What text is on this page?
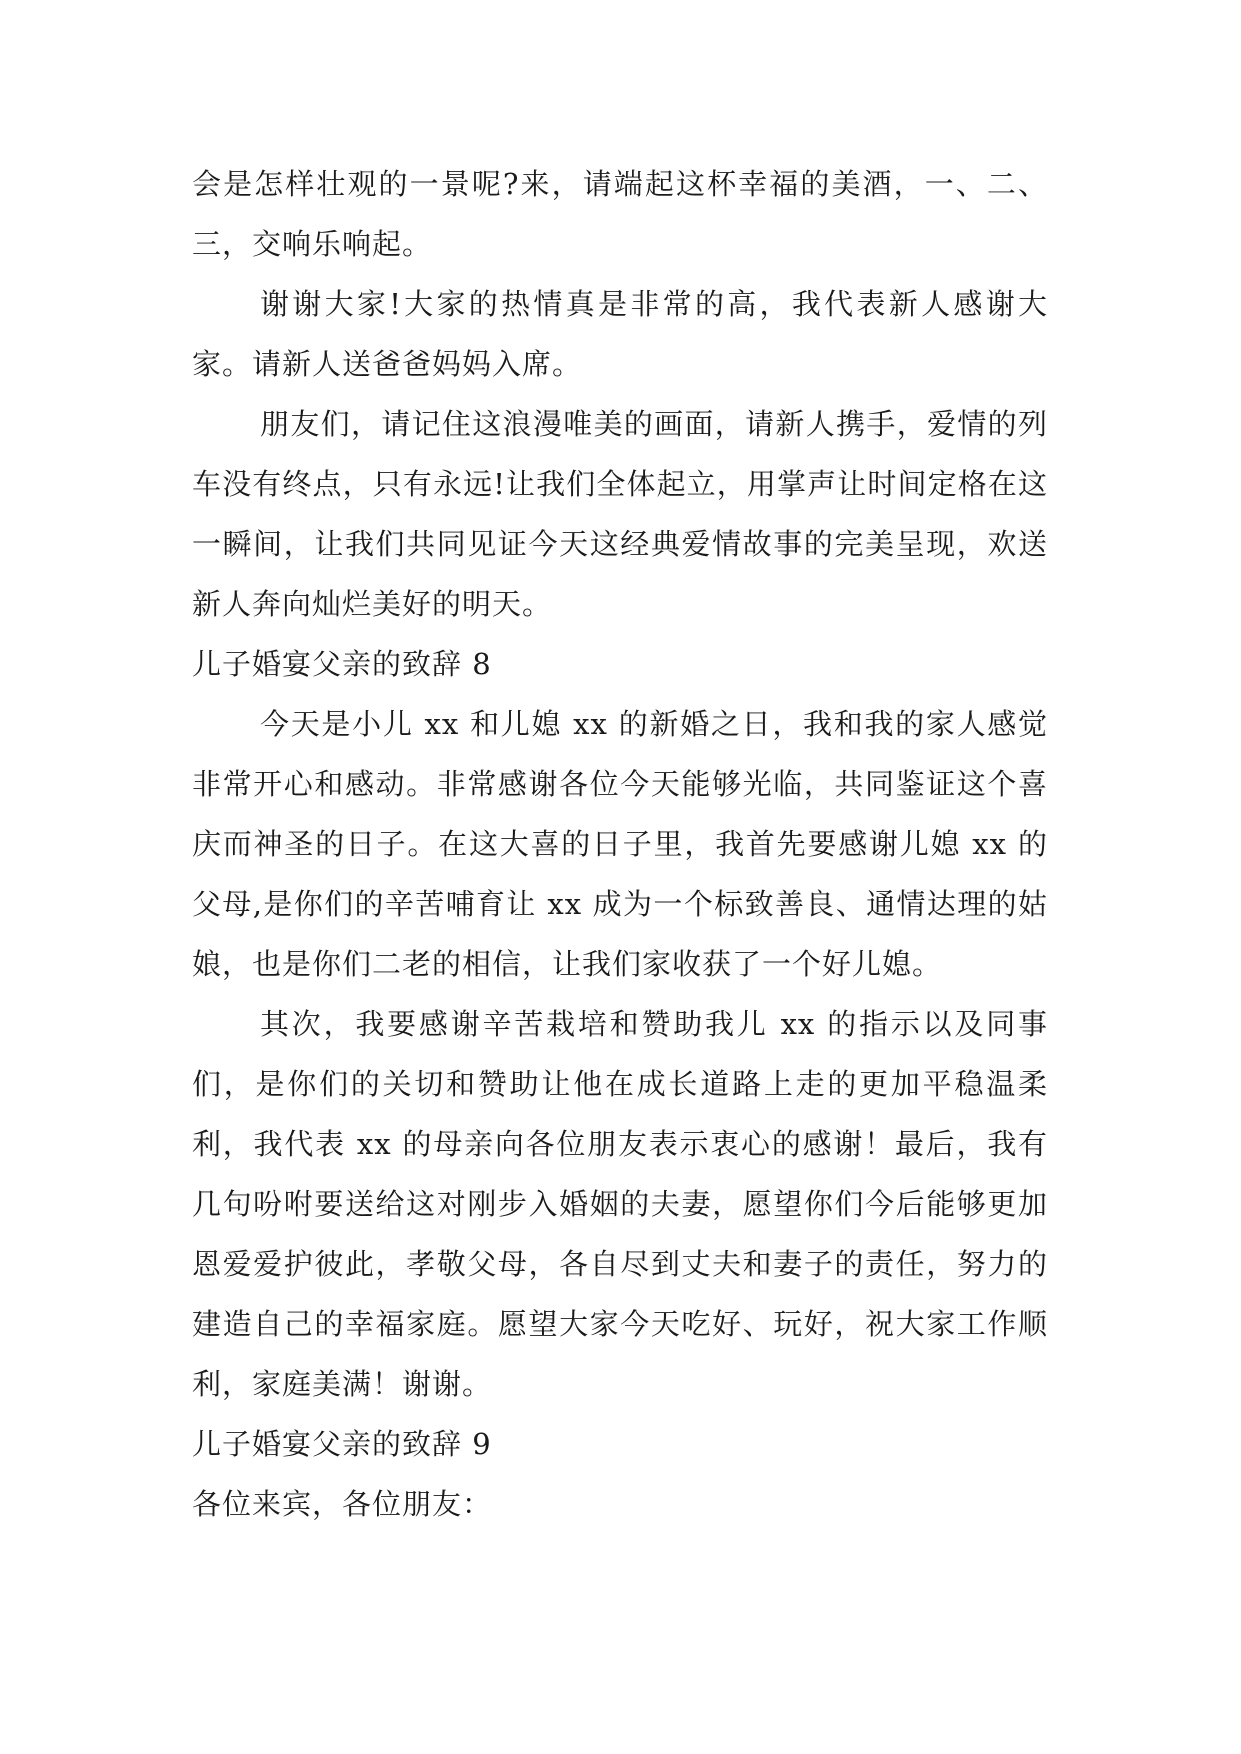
会是怎样壮观的一景呢?来，请端起这杯幸福的美酒，一、二、三，交响乐响起。

谢谢大家!大家的热情真是非常的高，我代表新人感谢大家。请新人送爸爸妈妈入席。

朋友们，请记住这浪漫唯美的画面，请新人携手，爱情的列车没有终点，只有永远!让我们全体起立，用掌声让时间定格在这一瞬间，让我们共同见证今天这经典爱情故事的完美呈现，欢送新人奔向灿烂美好的明天。

儿子婚宴父亲的致辞 8

今天是小儿 xx 和儿媳 xx 的新婚之日，我和我的家人感觉非常开心和感动。非常感谢各位今天能够光临，共同鉴证这个喜庆而神圣的日子。在这大喜的日子里，我首先要感谢儿媳 xx 的父母,是你们的辛苦哺育让 xx 成为一个标致善良、通情达理的姑娘，也是你们二老的相信，让我们家收获了一个好儿媳。

其次，我要感谢辛苦栽培和赞助我儿 xx 的指示以及同事们，是你们的关切和赞助让他在成长道路上走的更加平稳温柔利，我代表 xx 的母亲向各位朋友表示衷心的感谢！最后，我有几句吩咐要送给这对刚步入婚姻的夫妻，愿望你们今后能够更加恩爱爱护彼此，孝敬父母，各自尽到丈夫和妻子的责任，努力的建造自己的幸福家庭。愿望大家今天吃好、玩好，祝大家工作顺利，家庭美满！谢谢。

儿子婚宴父亲的致辞 9

各位来宾，各位朋友：
